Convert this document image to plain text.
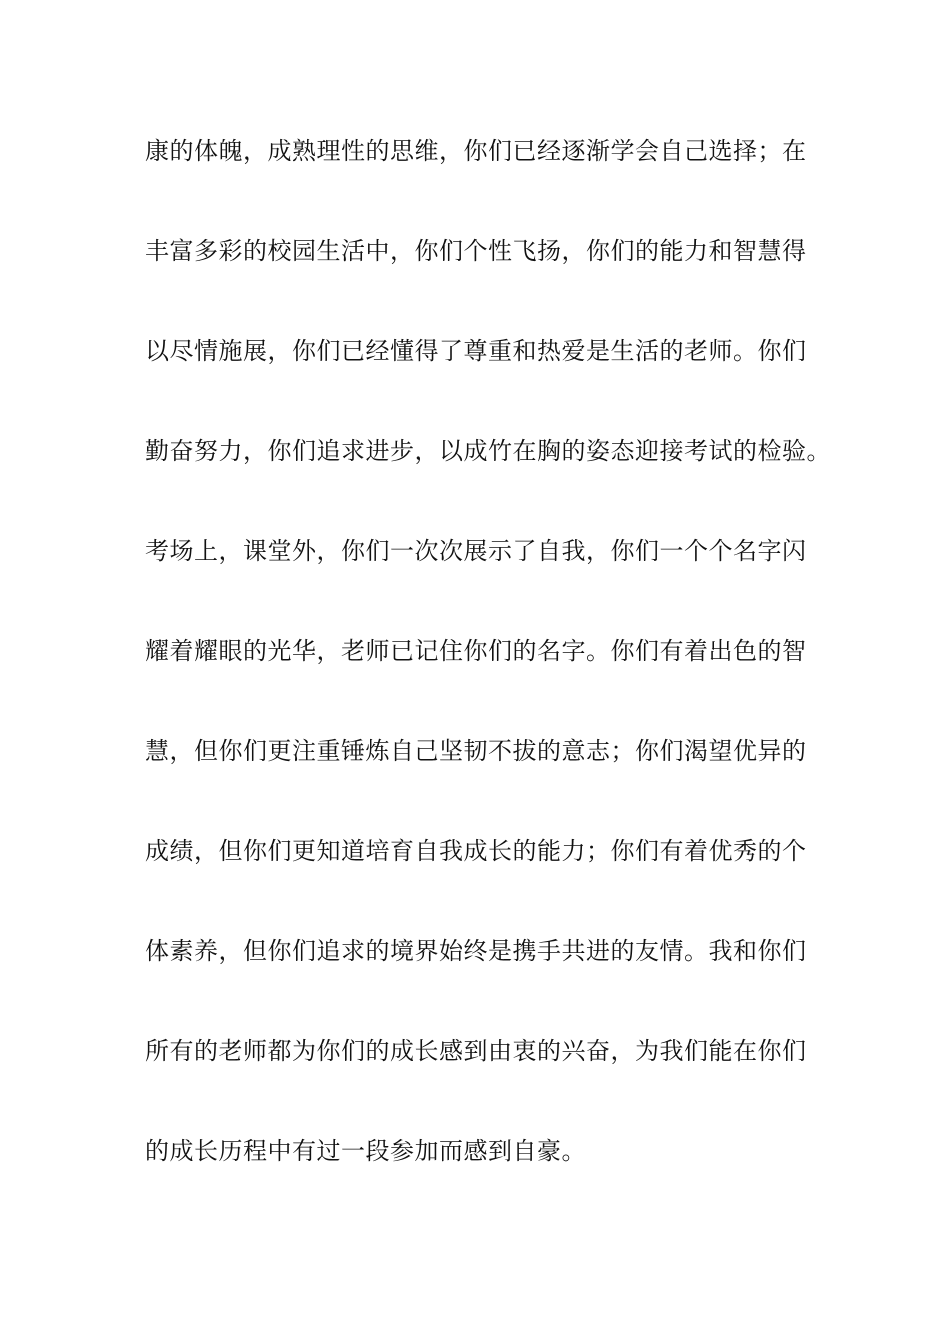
康的体魄，成熟理性的思维，你们已经逐渐学会自己选择；在
丰富多彩的校园生活中，你们个性飞扬，你们的能力和智慧得
以尽情施展，你们已经懂得了尊重和热爱是生活的老师。你们
勤奋努力，你们追求进步，以成竹在胸的姿态迎接考试的检验。
考场上，课堂外，你们一次次展示了自我，你们一个个名字闪
耀着耀眼的光华，老师已记住你们的名字。你们有着出色的智
慧，但你们更注重锤炼自己坚韧不拔的意志；你们渴望优异的
成绩，但你们更知道培育自我成长的能力；你们有着优秀的个
体素养，但你们追求的境界始终是携手共进的友情。我和你们
所有的老师都为你们的成长感到由衷的兴奋，为我们能在你们
的成长历程中有过一段参加而感到自豪。
